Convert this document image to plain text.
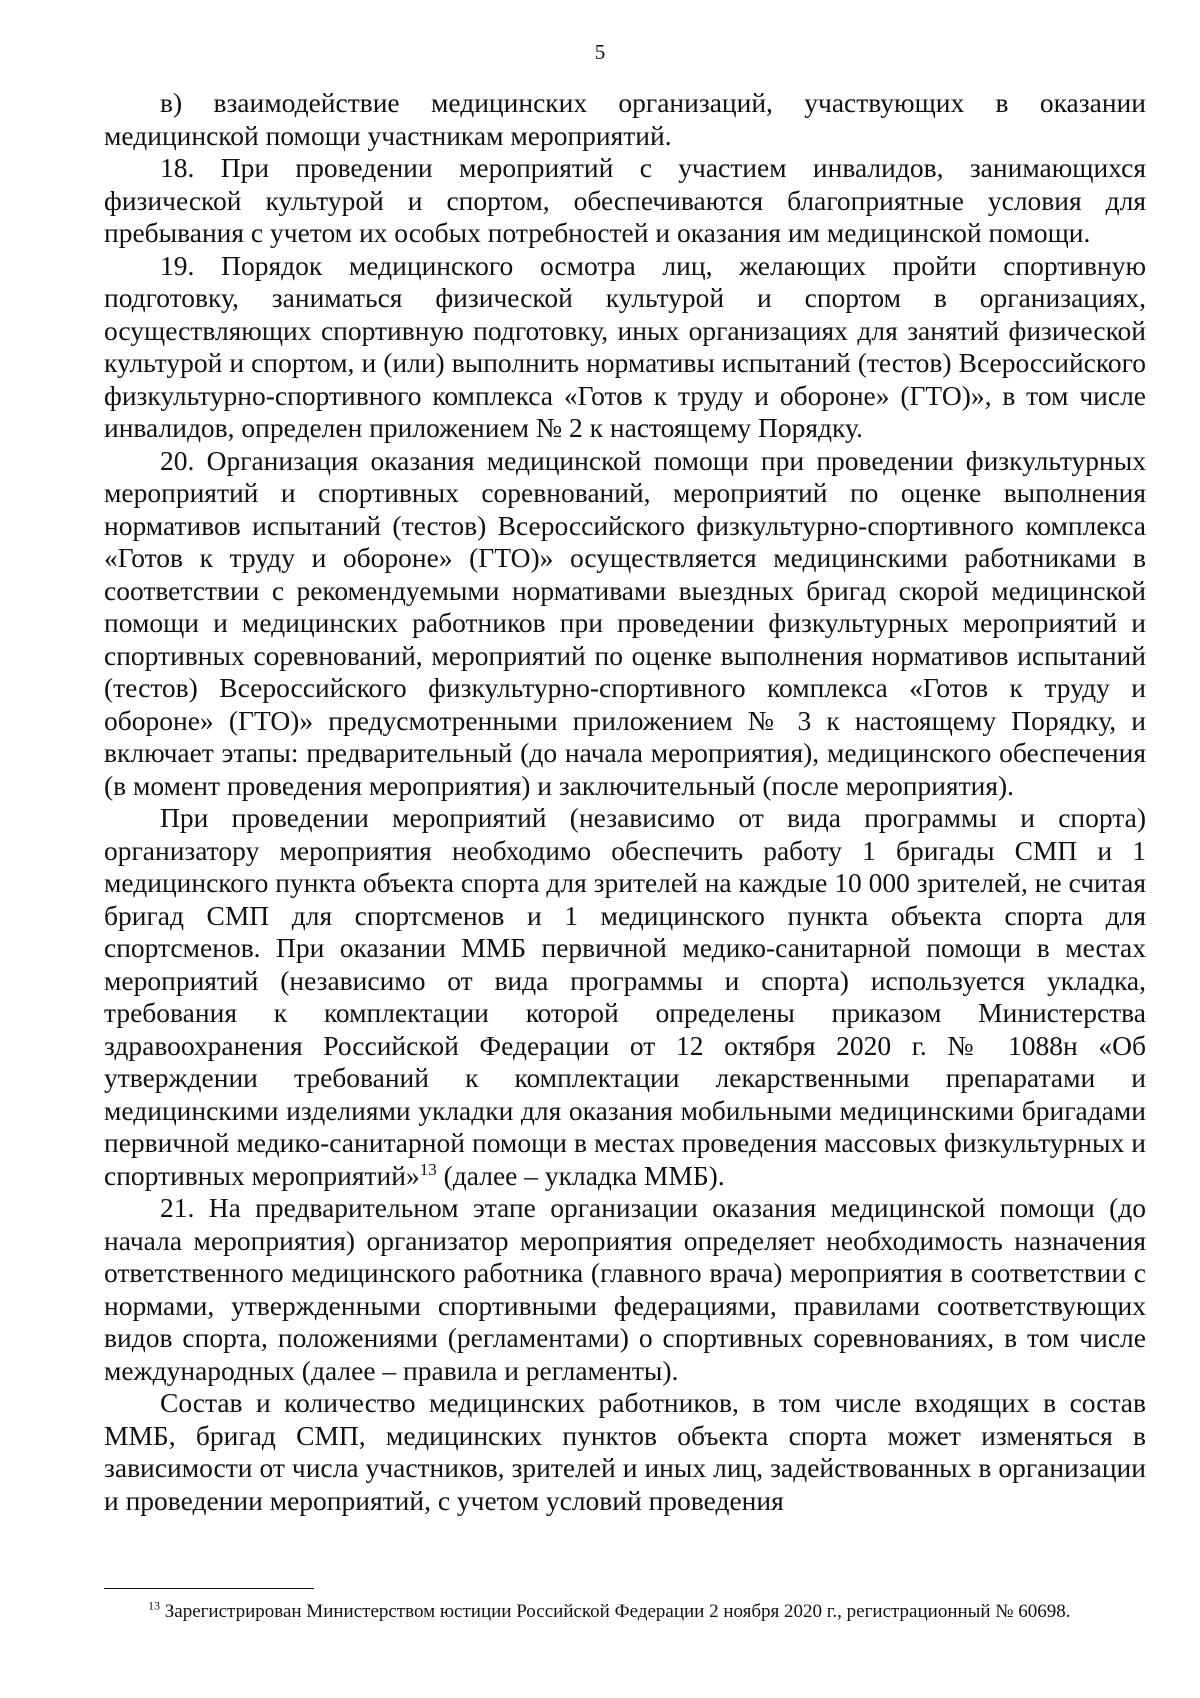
5

в) взаимодействие медицинских организаций, участвующих в оказании медицинской помощи участникам мероприятий.

18. При проведении мероприятий с участием инвалидов, занимающихся физической культурой и спортом, обеспечиваются благоприятные условия для пребывания с учетом их особых потребностей и оказания им медицинской помощи.

19. Порядок медицинского осмотра лиц, желающих пройти спортивную подготовку, заниматься физической культурой и спортом в организациях, осуществляющих спортивную подготовку, иных организациях для занятий физической культурой и спортом, и (или) выполнить нормативы испытаний (тестов) Всероссийского физкультурно-спортивного комплекса «Готов к труду и обороне» (ГТО)», в том числе инвалидов, определен приложением № 2 к настоящему Порядку.

20. Организация оказания медицинской помощи при проведении физкультурных мероприятий и спортивных соревнований, мероприятий по оценке выполнения нормативов испытаний (тестов) Всероссийского физкультурно-спортивного комплекса «Готов к труду и обороне» (ГТО)» осуществляется медицинскими работниками в соответствии с рекомендуемыми нормативами выездных бригад скорой медицинской помощи и медицинских работников при проведении физкультурных мероприятий и спортивных соревнований, мероприятий по оценке выполнения нормативов испытаний (тестов) Всероссийского физкультурно-спортивного комплекса «Готов к труду и обороне» (ГТО)» предусмотренными приложением № 3 к настоящему Порядку, и включает этапы: предварительный (до начала мероприятия), медицинского обеспечения (в момент проведения мероприятия) и заключительный (после мероприятия).

При проведении мероприятий (независимо от вида программы и спорта) организатору мероприятия необходимо обеспечить работу 1 бригады СМП и 1 медицинского пункта объекта спорта для зрителей на каждые 10 000 зрителей, не считая бригад СМП для спортсменов и 1 медицинского пункта объекта спорта для спортсменов. При оказании ММБ первичной медико-санитарной помощи в местах мероприятий (независимо от вида программы и спорта) используется укладка, требования к комплектации которой определены приказом Министерства здравоохранения Российской Федерации от 12 октября 2020 г. № 1088н «Об утверждении требований к комплектации лекарственными препаратами и медицинскими изделиями укладки для оказания мобильными медицинскими бригадами первичной медико-санитарной помощи в местах проведения массовых физкультурных и спортивных мероприятий»$^{13}$ (далее – укладка ММБ).

21. На предварительном этапе организации оказания медицинской помощи (до начала мероприятия) организатор мероприятия определяет необходимость назначения ответственного медицинского работника (главного врача) мероприятия в соответствии с нормами, утвержденными спортивными федерациями, правилами соответствующих видов спорта, положениями (регламентами) о спортивных соревнованиях, в том числе международных (далее – правила и регламенты).

Состав и количество медицинских работников, в том числе входящих в состав ММБ, бригад СМП, медицинских пунктов объекта спорта может изменяться в зависимости от числа участников, зрителей и иных лиц, задействованных в организации и проведении мероприятий, с учетом условий проведения

$^{13}$ Зарегистрирован Министерством юстиции Российской Федерации 2 ноября 2020 г., регистрационный № 60698.
